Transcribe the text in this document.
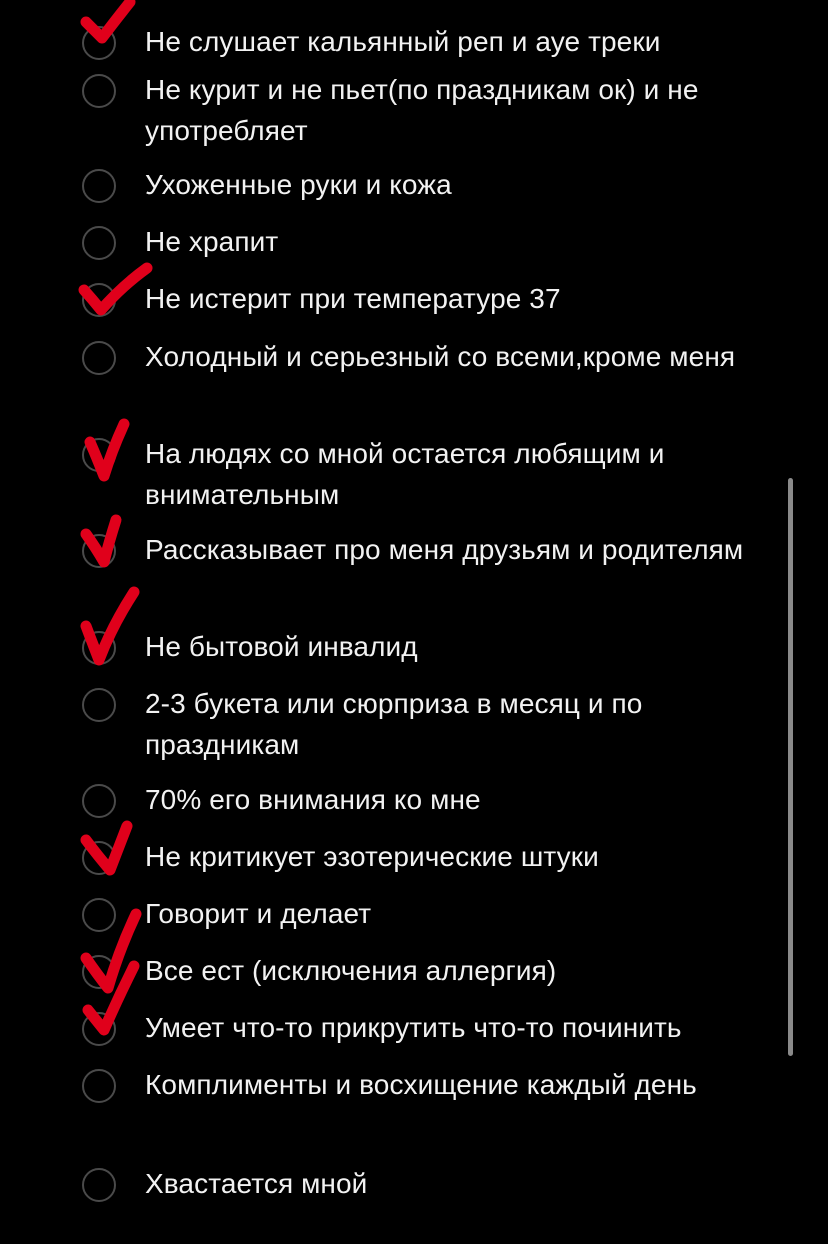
Не слушает кальянный реп и ауе треки
Не курит и не пьет(по праздникам ок) и не употребляет
Ухоженные руки и кожа
Не храпит
Не истерит при температуре 37
Холодный и серьезный со всеми,кроме меня
На людях со мной остается любящим и внимательным
Рассказывает про меня друзьям и родителям
Не бытовой инвалид
2-3 букета или сюрприза в месяц и по праздникам
70% его внимания ко мне
Не критикует эзотерические штуки
Говорит и делает
Все ест (исключения аллергия)
Умеет что-то прикрутить что-то починить
Комплименты и восхищение каждый день
Хвастается мной
